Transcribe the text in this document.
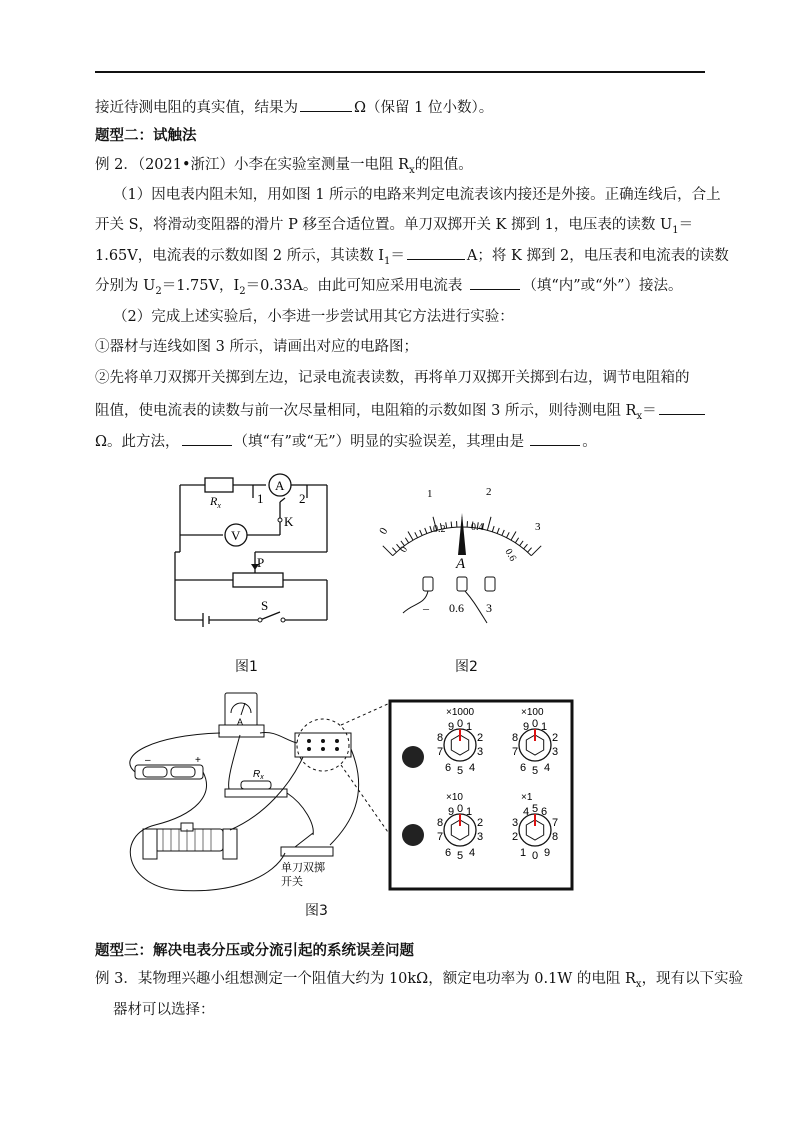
接近待测电阻的真实值，结果为	Ω（保留 1 位小数）。
题型二：试触法
例 2．（2021•浙江）小李在实验室测量一电阻 $R_x$的阻值。
（1）因电表内阻未知，用如图 1 所示的电路来判定电流表该内接还是外接。正确连线后，合上
开关 S，将滑动变阻器的滑片 P 移至合适位置。单刀双掷开关 K 掷到 1，电压表的读数 $U_1=$
1.65V，电流表的示数如图 2 所示，其读数 $I_1=$	A；将 K 掷到 2，电压表和电流表的读数
分别为 $U_2=1.75V$，$I_2=0.33A$。由此可知应采用电流表	（填“内”或“外”）接法。
（2）完成上述实验后，小李进一步尝试用其它方法进行实验：
①器材与连线如图 3 所示，请画出对应的电路图；
②先将单刀双掷开关掷到左边，记录电流表读数，再将单刀双掷开关掷到右边，调节电阻箱的
阻值，使电流表的读数与前一次尽量相同，电阻箱的示数如图 3 所示，则待测电阻 $R_x=$
Ω。此方法，	（填“有”或“无”）明显的实验误差，其理由是	。
$R_x$
A
V
1	2
K
P
S
图1
0
1	2
3
0
0.2	0.4
0.6
A
– 0.6 3
图2
A
–	+
$R_x$
单刀双掷
开关
×1000
9 0 1
8	2
7	3
6 5 4
×100
9 0 1
8	2
7	3
6 5 4
×10
9 0 1
8	2
7	3
6 5 4
×1
4 5 6
3	7
2	8
1 0 9
图3
题型三：解决电表分压或分流引起的系统误差问题
例 3．某物理兴趣小组想测定一个阻值大约为 10kΩ，额定电功率为 0.1W 的电阻 $R_x$，现有以下实验
器材可以选择：
